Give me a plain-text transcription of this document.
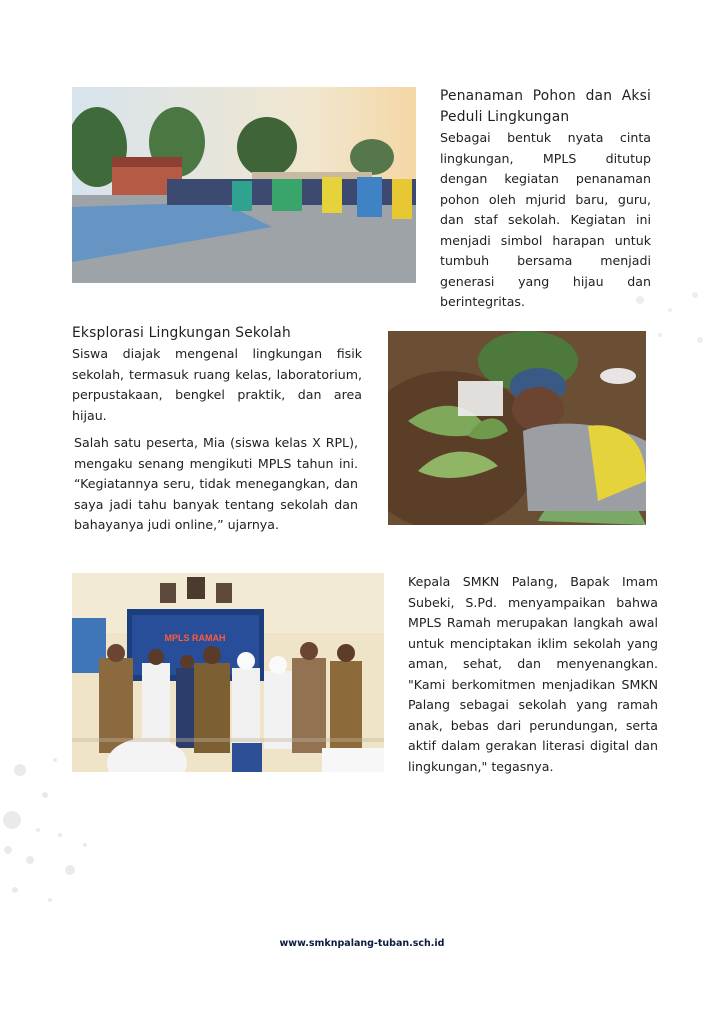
Penanaman Pohon dan Aksi Peduli Lingkungan
Sebagai bentuk nyata cinta lingkungan, MPLS ditutup dengan kegiatan penanaman pohon oleh mjurid baru, guru, dan staf sekolah. Kegiatan ini menjadi simbol harapan untuk tumbuh bersama menjadi generasi yang hijau dan berintegritas.
Eksplorasi Lingkungan Sekolah
Siswa diajak mengenal lingkungan fisik sekolah, termasuk ruang kelas, laboratorium, perpustakaan, bengkel praktik, dan area hijau.
Salah satu peserta, Mia (siswa kelas X RPL), mengaku senang mengikuti MPLS tahun ini. “Kegiatannya seru, tidak menegangkan, dan saya jadi tahu banyak tentang sekolah dan bahayanya judi online,” ujarnya.
MPLS RAMAH
Kepala SMKN Palang, Bapak Imam Subeki, S.Pd. menyampaikan bahwa MPLS Ramah merupakan langkah awal untuk menciptakan iklim sekolah yang aman, sehat, dan menyenangkan. "Kami berkomitmen menjadikan SMKN Palang sebagai sekolah yang ramah anak, bebas dari perundungan, serta aktif dalam gerakan literasi digital dan lingkungan," tegasnya.
www.smknpalang-tuban.sch.id
